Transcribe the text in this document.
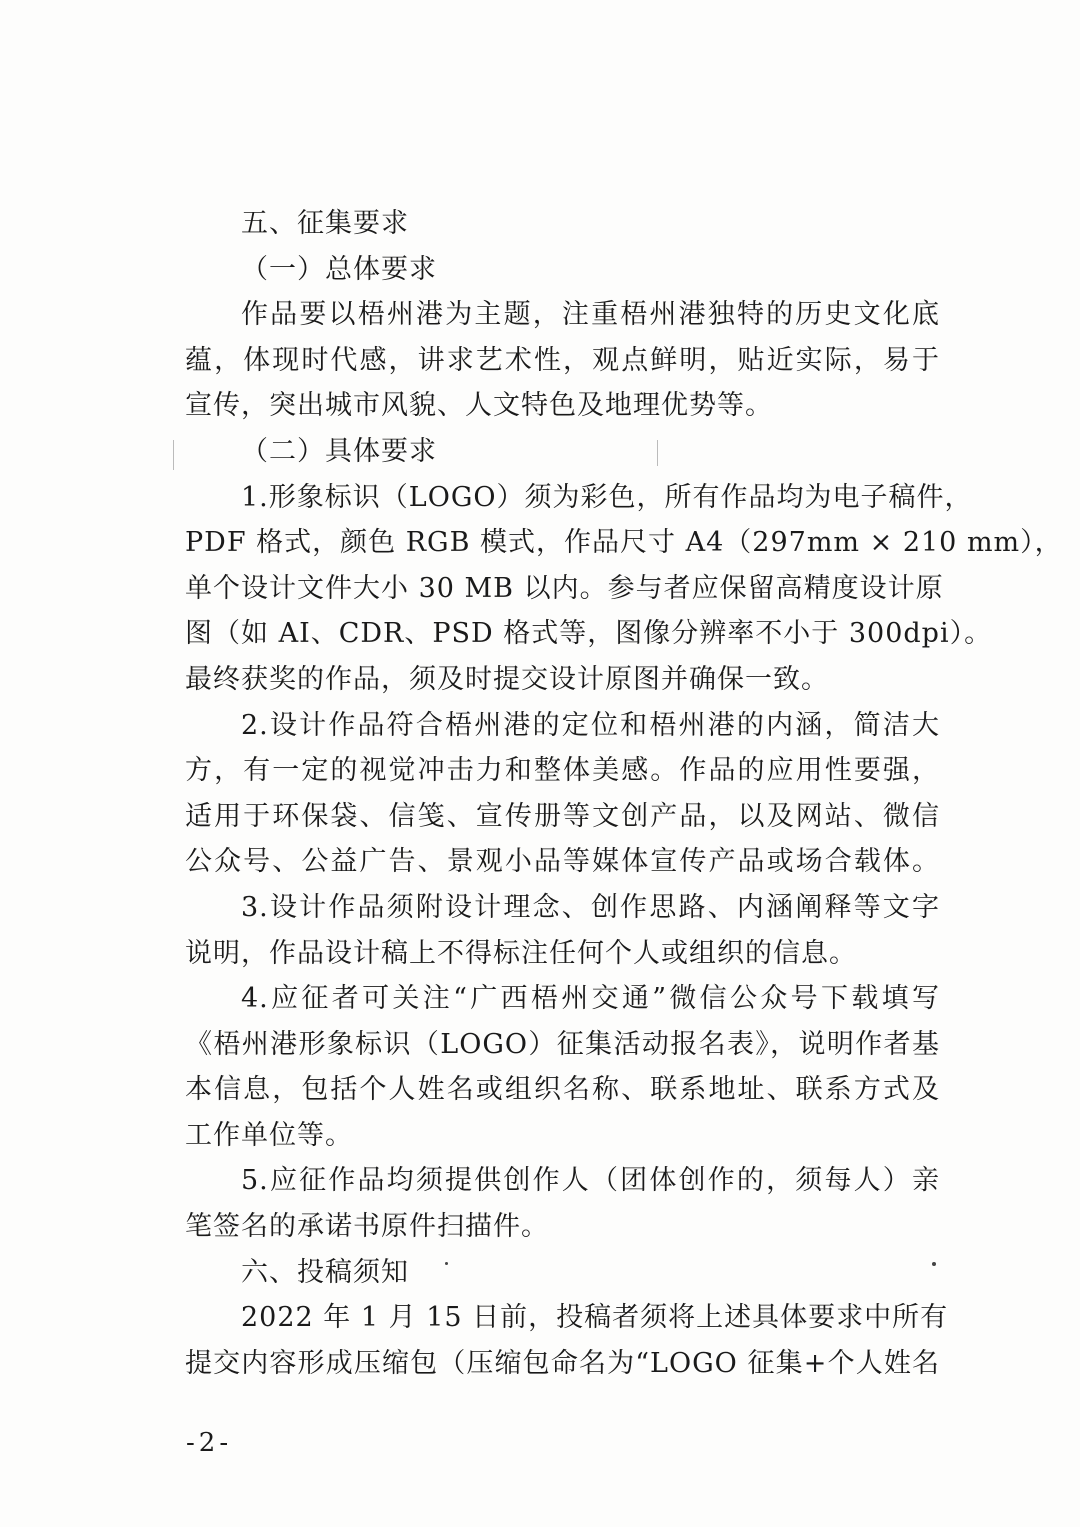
五、征集要求
（一）总体要求
作品要以梧州港为主题，注重梧州港独特的历史文化底
蕴，体现时代感，讲求艺术性，观点鲜明，贴近实际，易于
宣传，突出城市风貌、人文特色及地理优势等。
（二）具体要求
1.形象标识（LOGO）须为彩色，所有作品均为电子稿件，
PDF 格式，颜色 RGB 模式，作品尺寸 A4（297mm × 210 mm），
单个设计文件大小 30 MB 以内。参与者应保留高精度设计原
图（如 AI、CDR、PSD 格式等，图像分辨率不小于 300dpi）。
最终获奖的作品，须及时提交设计原图并确保一致。
2.设计作品符合梧州港的定位和梧州港的内涵，简洁大
方，有一定的视觉冲击力和整体美感。作品的应用性要强，
适用于环保袋、信笺、宣传册等文创产品，以及网站、微信
公众号、公益广告、景观小品等媒体宣传产品或场合载体。
3.设计作品须附设计理念、创作思路、内涵阐释等文字
说明，作品设计稿上不得标注任何个人或组织的信息。
4.应征者可关注“广西梧州交通”微信公众号下载填写
《梧州港形象标识（LOGO）征集活动报名表》，说明作者基
本信息，包括个人姓名或组织名称、联系地址、联系方式及
工作单位等。
5.应征作品均须提供创作人（团体创作的，须每人）亲
笔签名的承诺书原件扫描件。
六、投稿须知
2022 年 1 月 15 日前，投稿者须将上述具体要求中所有
提交内容形成压缩包（压缩包命名为“LOGO 征集+个人姓名
-2-
